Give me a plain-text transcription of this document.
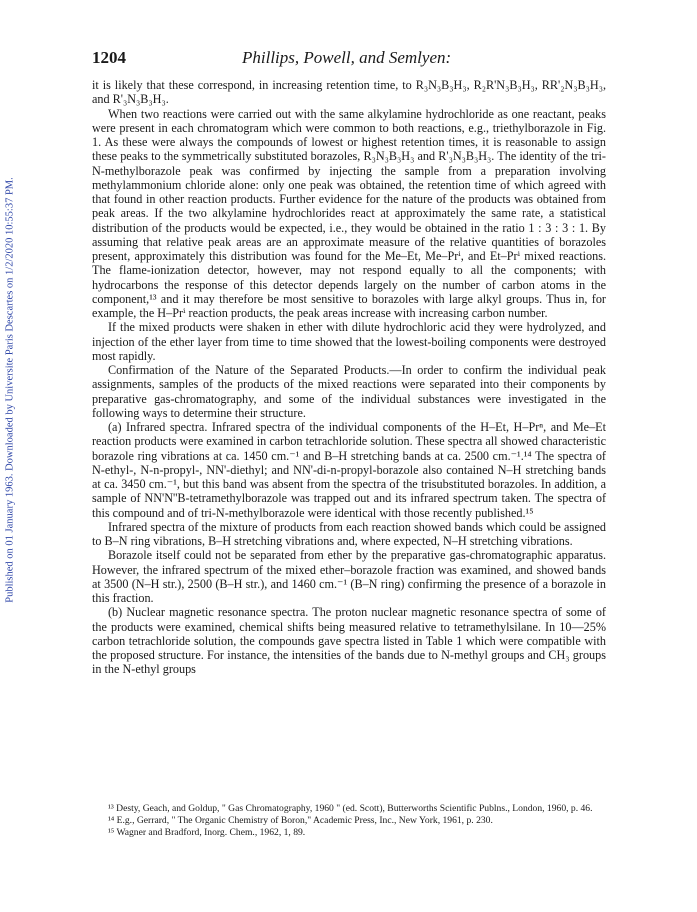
Published on 01 January 1963. Downloaded by Universite Paris Descartes on 1/2/2020 10:55:37 PM.
1204	Phillips, Powell, and Semlyen:

it is likely that these correspond, in increasing retention time, to R₃N₃B₃H₃, R₂R'N₃B₃H₃, RR'₂N₃B₃H₃, and R'₃N₃B₃H₃.

When two reactions were carried out with the same alkylamine hydrochloride as one reactant, peaks were present in each chromatogram which were common to both reactions, e.g., triethylborazole in Fig. 1. As these were always the compounds of lowest or highest retention times, it is reasonable to assign these peaks to the symmetrically substituted borazoles, R₃N₃B₃H₃ and R'₃N₃B₃H₃. The identity of the tri-N-methylborazole peak was confirmed by injecting the sample from a preparation involving methylammonium chloride alone: only one peak was obtained, the retention time of which agreed with that found in other reaction products. Further evidence for the nature of the products was obtained from peak areas. If the two alkylamine hydrochlorides react at approximately the same rate, a statistical distribution of the products would be expected, i.e., they would be obtained in the ratio 1 : 3 : 3 : 1. By assuming that relative peak areas are an approximate measure of the relative quantities of borazoles present, approximately this distribution was found for the Me–Et, Me–Prⁱ, and Et–Prⁱ mixed reactions. The flame-ionization detector, however, may not respond equally to all the components; with hydrocarbons the response of this detector depends largely on the number of carbon atoms in the component,¹³ and it may therefore be most sensitive to borazoles with large alkyl groups. Thus in, for example, the H–Prⁱ reaction products, the peak areas increase with increasing carbon number.

If the mixed products were shaken in ether with dilute hydrochloric acid they were hydrolyzed, and injection of the ether layer from time to time showed that the lowest-boiling components were destroyed most rapidly.

Confirmation of the Nature of the Separated Products.—In order to confirm the individual peak assignments, samples of the products of the mixed reactions were separated into their components by preparative gas-chromatography, and some of the individual substances were investigated in the following ways to determine their structure.

(a) Infrared spectra. Infrared spectra of the individual components of the H–Et, H–Prⁿ, and Me–Et reaction products were examined in carbon tetrachloride solution. These spectra all showed characteristic borazole ring vibrations at ca. 1450 cm.⁻¹ and B–H stretching bands at ca. 2500 cm.⁻¹.¹⁴ The spectra of N-ethyl-, N-n-propyl-, NN'-diethyl; and NN'-di-n-propyl-borazole also contained N–H stretching bands at ca. 3450 cm.⁻¹, but this band was absent from the spectra of the trisubstituted borazoles. In addition, a sample of NN'N''B-tetramethylborazole was trapped out and its infrared spectrum taken. The spectra of this compound and of tri-N-methylborazole were identical with those recently published.¹⁵

Infrared spectra of the mixture of products from each reaction showed bands which could be assigned to B–N ring vibrations, B–H stretching vibrations and, where expected, N–H stretching vibrations.

Borazole itself could not be separated from ether by the preparative gas-chromatographic apparatus. However, the infrared spectrum of the mixed ether–borazole fraction was examined, and showed bands at 3500 (N–H str.), 2500 (B–H str.), and 1460 cm.⁻¹ (B–N ring) confirming the presence of a borazole in this fraction.

(b) Nuclear magnetic resonance spectra. The proton nuclear magnetic resonance spectra of some of the products were examined, chemical shifts being measured relative to tetramethylsilane. In 10—25% carbon tetrachloride solution, the compounds gave spectra listed in Table 1 which were compatible with the proposed structure. For instance, the intensities of the bands due to N-methyl groups and CH₃ groups in the N-ethyl groups

¹³ Desty, Geach, and Goldup, " Gas Chromatography, 1960 " (ed. Scott), Butterworths Scientific Publns., London, 1960, p. 46.

¹⁴ E.g., Gerrard, " The Organic Chemistry of Boron," Academic Press, Inc., New York, 1961, p. 230.

¹⁵ Wagner and Bradford, Inorg. Chem., 1962, 1, 89.
